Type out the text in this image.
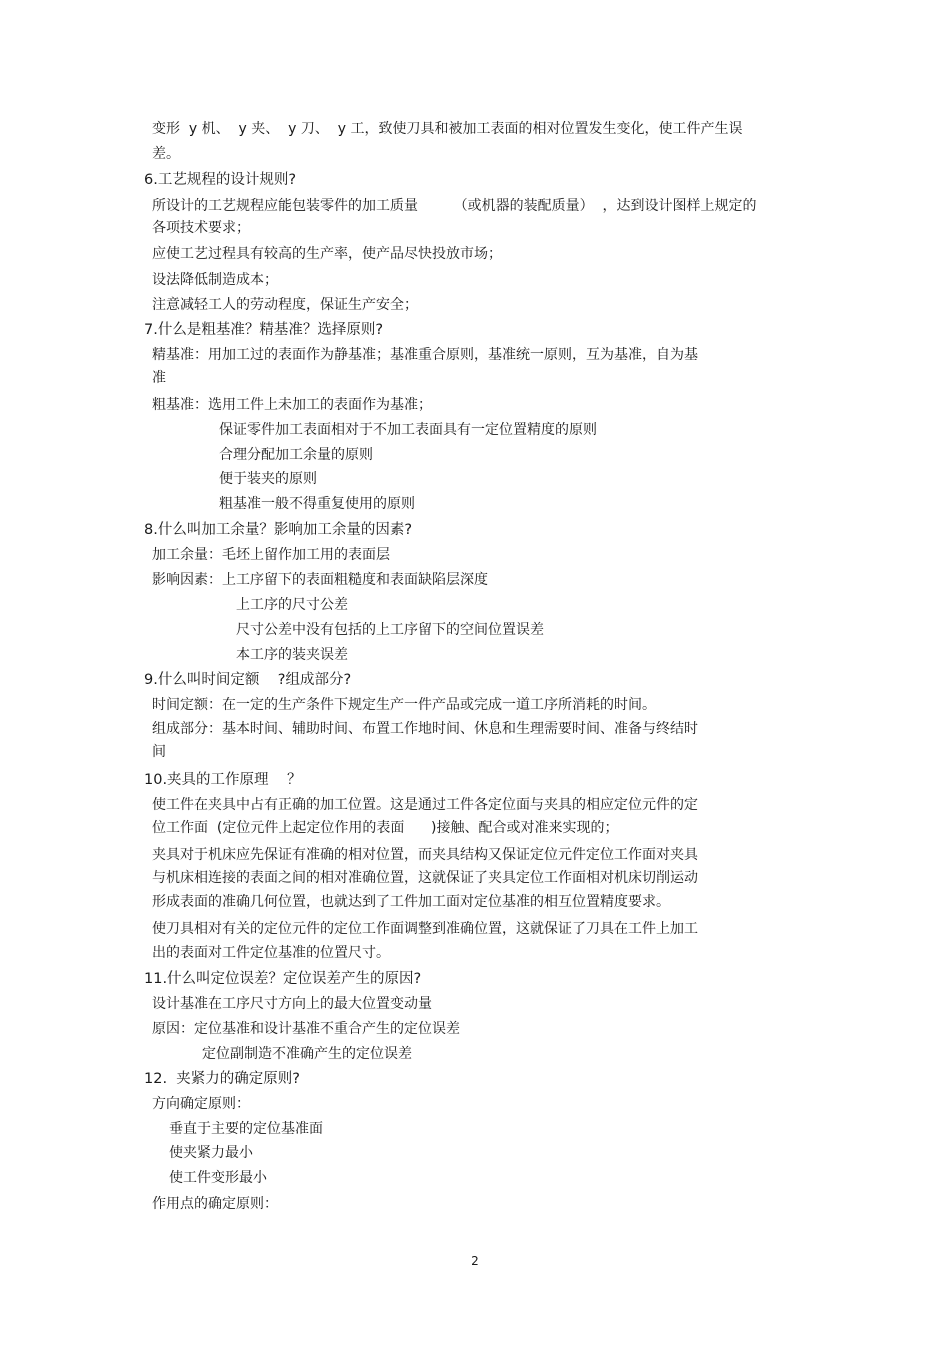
变形  y 机、  y 夹、  y 刀、  y 工，致使刀具和被加工表面的相对位置发生变化，使工件产生误
差。
6.工艺规程的设计规则?
所设计的工艺规程应能包装零件的加工质量        （或机器的装配质量）  ，达到设计图样上规定的
各项技术要求；
应使工艺过程具有较高的生产率，使产品尽快投放市场；
设法降低制造成本；
注意减轻工人的劳动程度，保证生产安全；
7.什么是粗基准？精基准？选择原则?
精基准：用加工过的表面作为静基准；基准重合原则，基准统一原则，互为基准，自为基
准
粗基准：选用工件上未加工的表面作为基准；
保证零件加工表面相对于不加工表面具有一定位置精度的原则
合理分配加工余量的原则
便于装夹的原则
粗基准一般不得重复使用的原则
8.什么叫加工余量？影响加工余量的因素?
加工余量：毛坯上留作加工用的表面层
影响因素：上工序留下的表面粗糙度和表面缺陷层深度
上工序的尺寸公差
尺寸公差中没有包括的上工序留下的空间位置误差
本工序的装夹误差
9.什么叫时间定额    ?组成部分?
时间定额：在一定的生产条件下规定生产一件产品或完成一道工序所消耗的时间。
组成部分：基本时间、辅助时间、布置工作地时间、休息和生理需要时间、准备与终结时
间
10.夹具的工作原理    ？
使工件在夹具中占有正确的加工位置。这是通过工件各定位面与夹具的相应定位元件的定
位工作面  (定位元件上起定位作用的表面      )接触、配合或对准来实现的；
夹具对于机床应先保证有准确的相对位置，而夹具结构又保证定位元件定位工作面对夹具
与机床相连接的表面之间的相对准确位置，这就保证了夹具定位工作面相对机床切削运动
形成表面的准确几何位置，也就达到了工件加工面对定位基准的相互位置精度要求。
使刀具相对有关的定位元件的定位工作面调整到准确位置，这就保证了刀具在工件上加工
出的表面对工件定位基准的位置尺寸。
11.什么叫定位误差？定位误差产生的原因?
设计基准在工序尺寸方向上的最大位置变动量
原因：定位基准和设计基准不重合产生的定位误差
定位副制造不准确产生的定位误差
12.  夹紧力的确定原则?
方向确定原则：
垂直于主要的定位基准面
使夹紧力最小
使工件变形最小
作用点的确定原则：
2
